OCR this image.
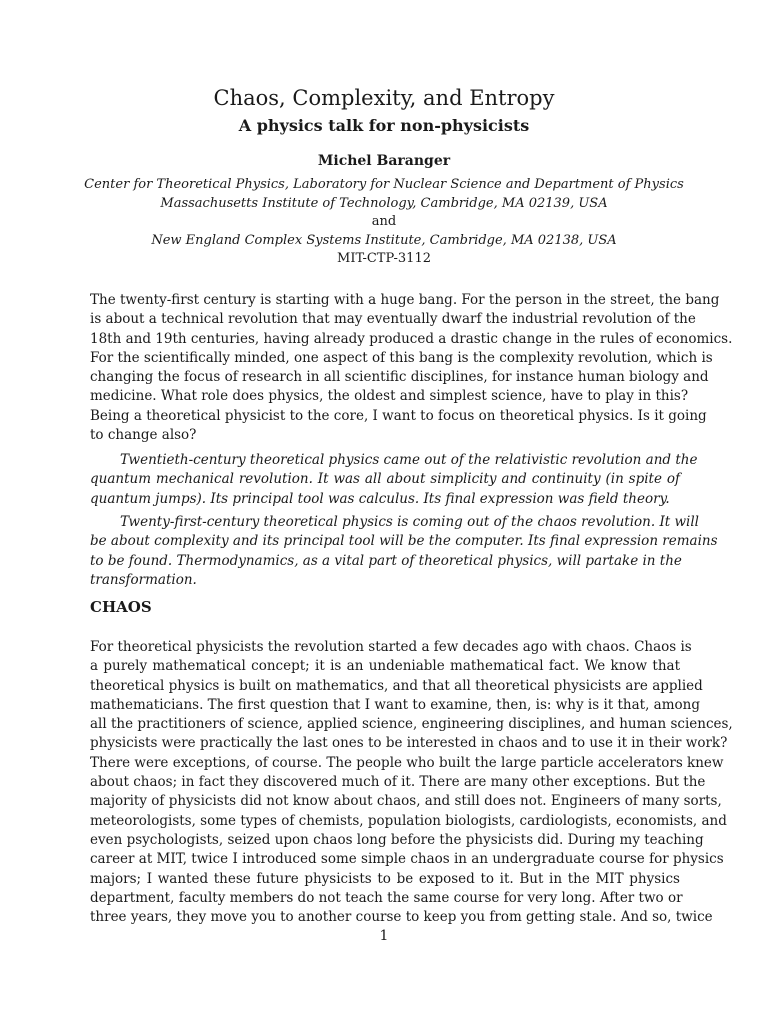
Chaos, Complexity, and Entropy
A physics talk for non-physicists
Michel Baranger
Center for Theoretical Physics, Laboratory for Nuclear Science and Department of Physics
Massachusetts Institute of Technology, Cambridge, MA 02139, USA
and
New England Complex Systems Institute, Cambridge, MA 02138, USA
MIT-CTP-3112
The twenty-first century is starting with a huge bang. For the person in the street, the bang
is about a technical revolution that may eventually dwarf the industrial revolution of the
18th and 19th centuries, having already produced a drastic change in the rules of economics.
For the scientifically minded, one aspect of this bang is the complexity revolution, which is
changing the focus of research in all scientific disciplines, for instance human biology and
medicine. What role does physics, the oldest and simplest science, have to play in this?
Being a theoretical physicist to the core, I want to focus on theoretical physics. Is it going
to change also?
Twentieth-century theoretical physics came out of the relativistic revolution and the
quantum mechanical revolution. It was all about simplicity and continuity (in spite of
quantum jumps). Its principal tool was calculus. Its final expression was field theory.
Twenty-first-century theoretical physics is coming out of the chaos revolution. It will
be about complexity and its principal tool will be the computer. Its final expression remains
to be found. Thermodynamics, as a vital part of theoretical physics, will partake in the
transformation.
CHAOS
For theoretical physicists the revolution started a few decades ago with chaos. Chaos is
a purely mathematical concept; it is an undeniable mathematical fact. We know that
theoretical physics is built on mathematics, and that all theoretical physicists are applied
mathematicians. The first question that I want to examine, then, is: why is it that, among
all the practitioners of science, applied science, engineering disciplines, and human sciences,
physicists were practically the last ones to be interested in chaos and to use it in their work?
There were exceptions, of course. The people who built the large particle accelerators knew
about chaos; in fact they discovered much of it. There are many other exceptions. But the
majority of physicists did not know about chaos, and still does not. Engineers of many sorts,
meteorologists, some types of chemists, population biologists, cardiologists, economists, and
even psychologists, seized upon chaos long before the physicists did. During my teaching
career at MIT, twice I introduced some simple chaos in an undergraduate course for physics
majors; I wanted these future physicists to be exposed to it. But in the MIT physics
department, faculty members do not teach the same course for very long. After two or
three years, they move you to another course to keep you from getting stale. And so, twice
1
